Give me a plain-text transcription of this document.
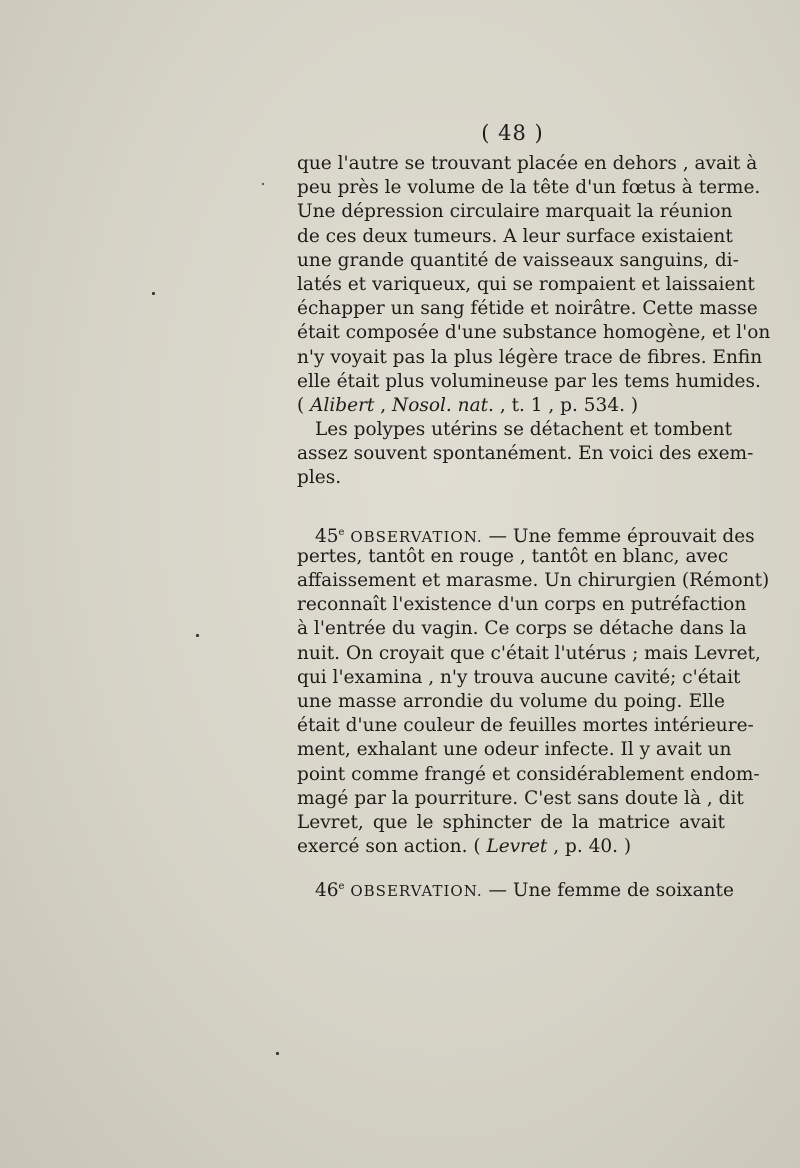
( 48 )
que l'autre se trouvant placée en dehors , avait à
peu près le volume de la tête d'un fœtus à terme.
Une dépression circulaire marquait la réunion
de ces deux tumeurs. A leur surface existaient
une grande quantité de vaisseaux sanguins, di-
latés et variqueux, qui se rompaient et laissaient
échapper un sang fétide et noirâtre. Cette masse
était composée d'une substance homogène, et l'on
n'y voyait pas la plus légère trace de fibres. Enfin
elle était plus volumineuse par les tems humides.
( Alibert , Nosol. nat. , t. 1 , p. 534. )
Les polypes utérins se détachent et tombent
assez souvent spontanément. En voici des exem-
ples.
45e OBSERVATION. — Une femme éprouvait des
pertes, tantôt en rouge , tantôt en blanc, avec
affaissement et marasme. Un chirurgien (Rémont)
reconnaît l'existence d'un corps en putréfaction
à l'entrée du vagin. Ce corps se détache dans la
nuit. On croyait que c'était l'utérus ; mais Levret,
qui l'examina , n'y trouva aucune cavité; c'était
une masse arrondie du volume du poing. Elle
était d'une couleur de feuilles mortes intérieure-
ment, exhalant une odeur infecte. Il y avait un
point comme frangé et considérablement endom-
magé par la pourriture. C'est sans doute là , dit
Levret, que le sphincter de la matrice avait
exercé son action. ( Levret , p. 40. )
46e OBSERVATION. — Une femme de soixante
